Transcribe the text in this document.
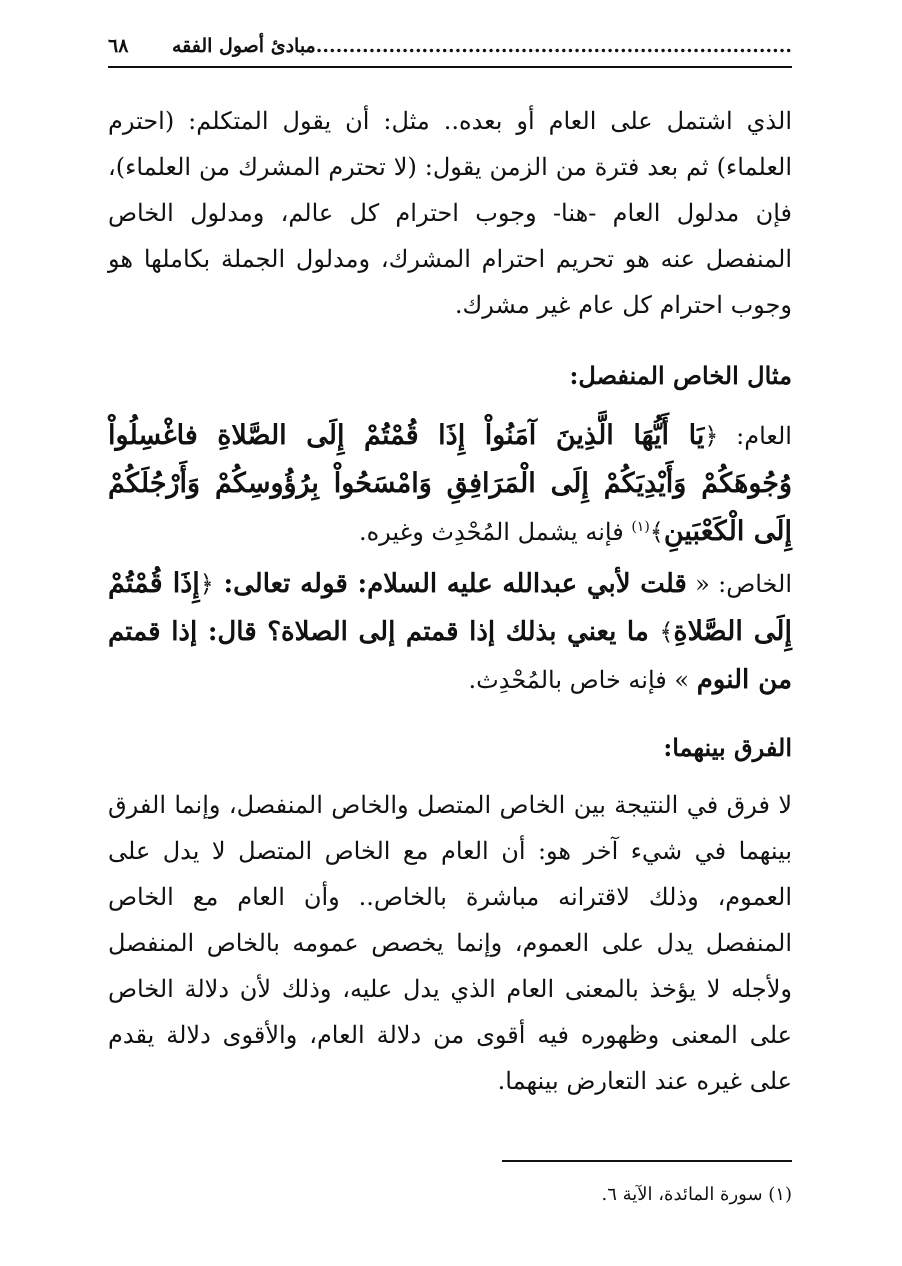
........................................................................مبادئ أصول الفقه
٦٨

الذي اشتمل على العام أو بعده.. مثل: أن يقول المتكلم: (احترم العلماء) ثم بعد فترة من الزمن يقول: (لا تحترم المشرك من العلماء)، فإن مدلول العام -هنا- وجوب احترام كل عالم، ومدلول الخاص المنفصل عنه هو تحريم احترام المشرك، ومدلول الجملة بكاملها هو وجوب احترام كل عام غير مشرك.

مثال الخاص المنفصل:

العام: ﴿يَا أَيُّهَا الَّذِينَ آمَنُواْ إِذَا قُمْتُمْ إِلَى الصَّلاةِ فاغْسِلُواْ وُجُوهَكُمْ وَأَيْدِيَكُمْ إِلَى الْمَرَافِقِ وَامْسَحُواْ بِرُؤُوسِكُمْ وَأَرْجُلَكُمْ إِلَى الْكَعْبَينِ﴾$^{(١)}$ فإنه يشمل المُحْدِث وغيره.

الخاص: « قلت لأبي عبدالله عليه السلام: قوله تعالى: ﴿إِذَا قُمْتُمْ إِلَى الصَّلاةِ﴾ ما يعني بذلك إذا قمتم إلى الصلاة؟ قال: إذا قمتم من النوم » فإنه خاص بالمُحْدِث.

الفرق بينهما:

لا فرق في النتيجة بين الخاص المتصل والخاص المنفصل، وإنما الفرق بينهما في شيء آخر هو: أن العام مع الخاص المتصل لا يدل على العموم، وذلك لاقترانه مباشرة بالخاص.. وأن العام مع الخاص المنفصل يدل على العموم، وإنما يخصص عمومه بالخاص المنفصل ولأجله لا يؤخذ بالمعنى العام الذي يدل عليه، وذلك لأن دلالة الخاص على المعنى وظهوره فيه أقوى من دلالة العام، والأقوى دلالة يقدم على غيره عند التعارض بينهما.

(١) سورة المائدة، الآية ٦.
